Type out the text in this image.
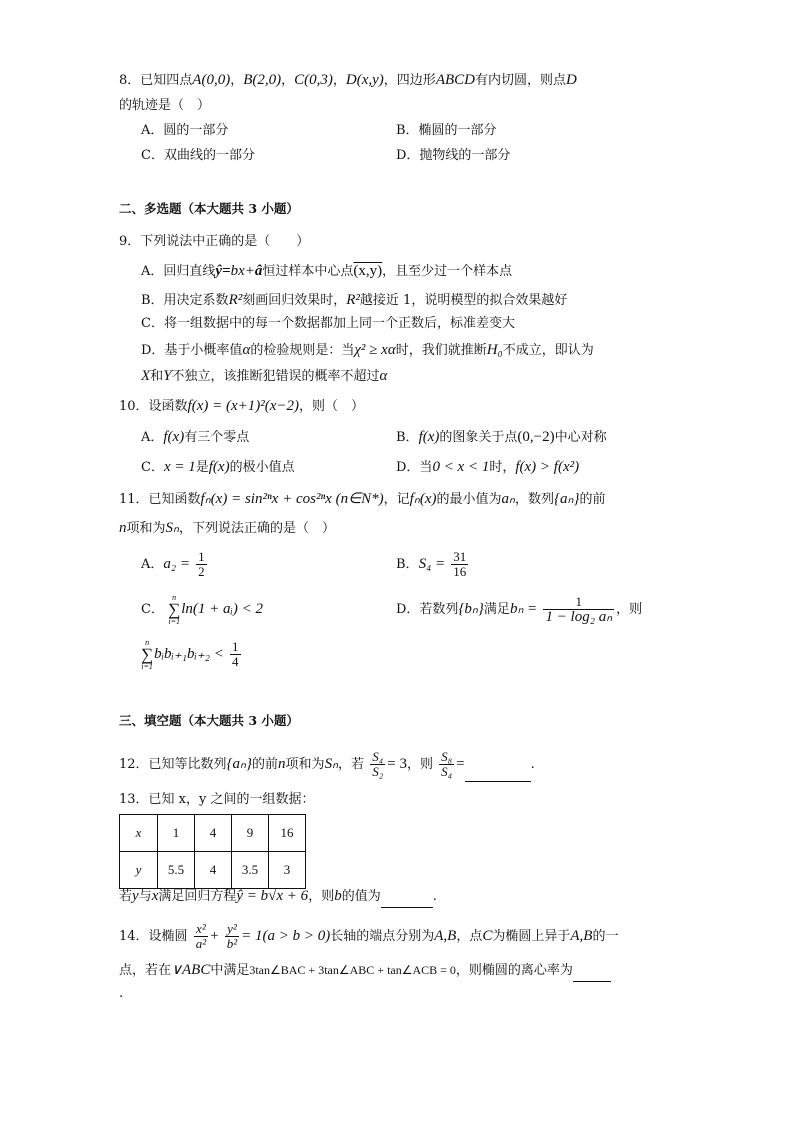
8．已知四点A(0,0)，B(2,0)，C(0,3)，D(x,y)，四边形ABCD有内切圆，则点D
的轨迹是（　）
A．圆的一部分	B．椭圆的一部分
C．双曲线的一部分	D．抛物线的一部分
二、多选题（本大题共 3 小题）
9．下列说法中正确的是（　　）
A．回归直线ŷ=bx+â恒过样本中心点(x,y)，且至少过一个样本点
B．用决定系数R²刻画回归效果时，R²越接近 1，说明模型的拟合效果越好
C．将一组数据中的每一个数据都加上同一个正数后，标准差变大
D．基于小概率值α的检验规则是：当χ² ≥ xα时，我们就推断H₀不成立，即认为
X和Y不独立，该推断犯错误的概率不超过α
10．设函数f(x) = (x+1)²(x−2)，则（　）
A．f(x)有三个零点	B．f(x)的图象关于点(0,−2)中心对称
C．x = 1是f(x)的极小值点	D．当0 < x < 1时，f(x) > f(x²)
11．已知函数fₙ(x) = sin²ⁿx + cos²ⁿx (n∈N*)，记fₙ(x)的最小值为aₙ，数列{aₙ}的前
n项和为Sₙ，下列说法正确的是（　）
A．$a_2 = \frac{1}{2}$	B．$S_4 = \frac{31}{16}$
C．
n
∑
i=1
ln(1 + aᵢ) < 2	D．若数列{bₙ}满足$b_n = \frac{1}{\text{1 − log₂ aₙ}}$ ，则
n
∑
i=1
bᵢbᵢ₊₁bᵢ₊₂ < $\frac{1}{4}$
三、填空题（本大题共 3 小题）
12．已知等比数列{aₙ}的前n项和为Sₙ，若 $\frac{\text{S₄}}{\text{S₂}} = 3$，则 $\frac{\text{S₈}}{\text{S₄}}$ =	.
13．已知 x，y 之间的一组数据：
x	1	4	9	16
y	5.5	4	3.5	3
若y与x满足回归方程ŷ = b√x + 6，则b的值为	.
14．设椭圆 $\frac{\text{x²}}{\text{a²}} + \frac{\text{y²}}{\text{b²}} = 1(a > b > 0)$长轴的端点分别为A,B，点C为椭圆上异于A,B的一
点，若在∨ABC中满足3tan∠BAC + 3tan∠ABC + tan∠ACB = 0，则椭圆的离心率为
.
